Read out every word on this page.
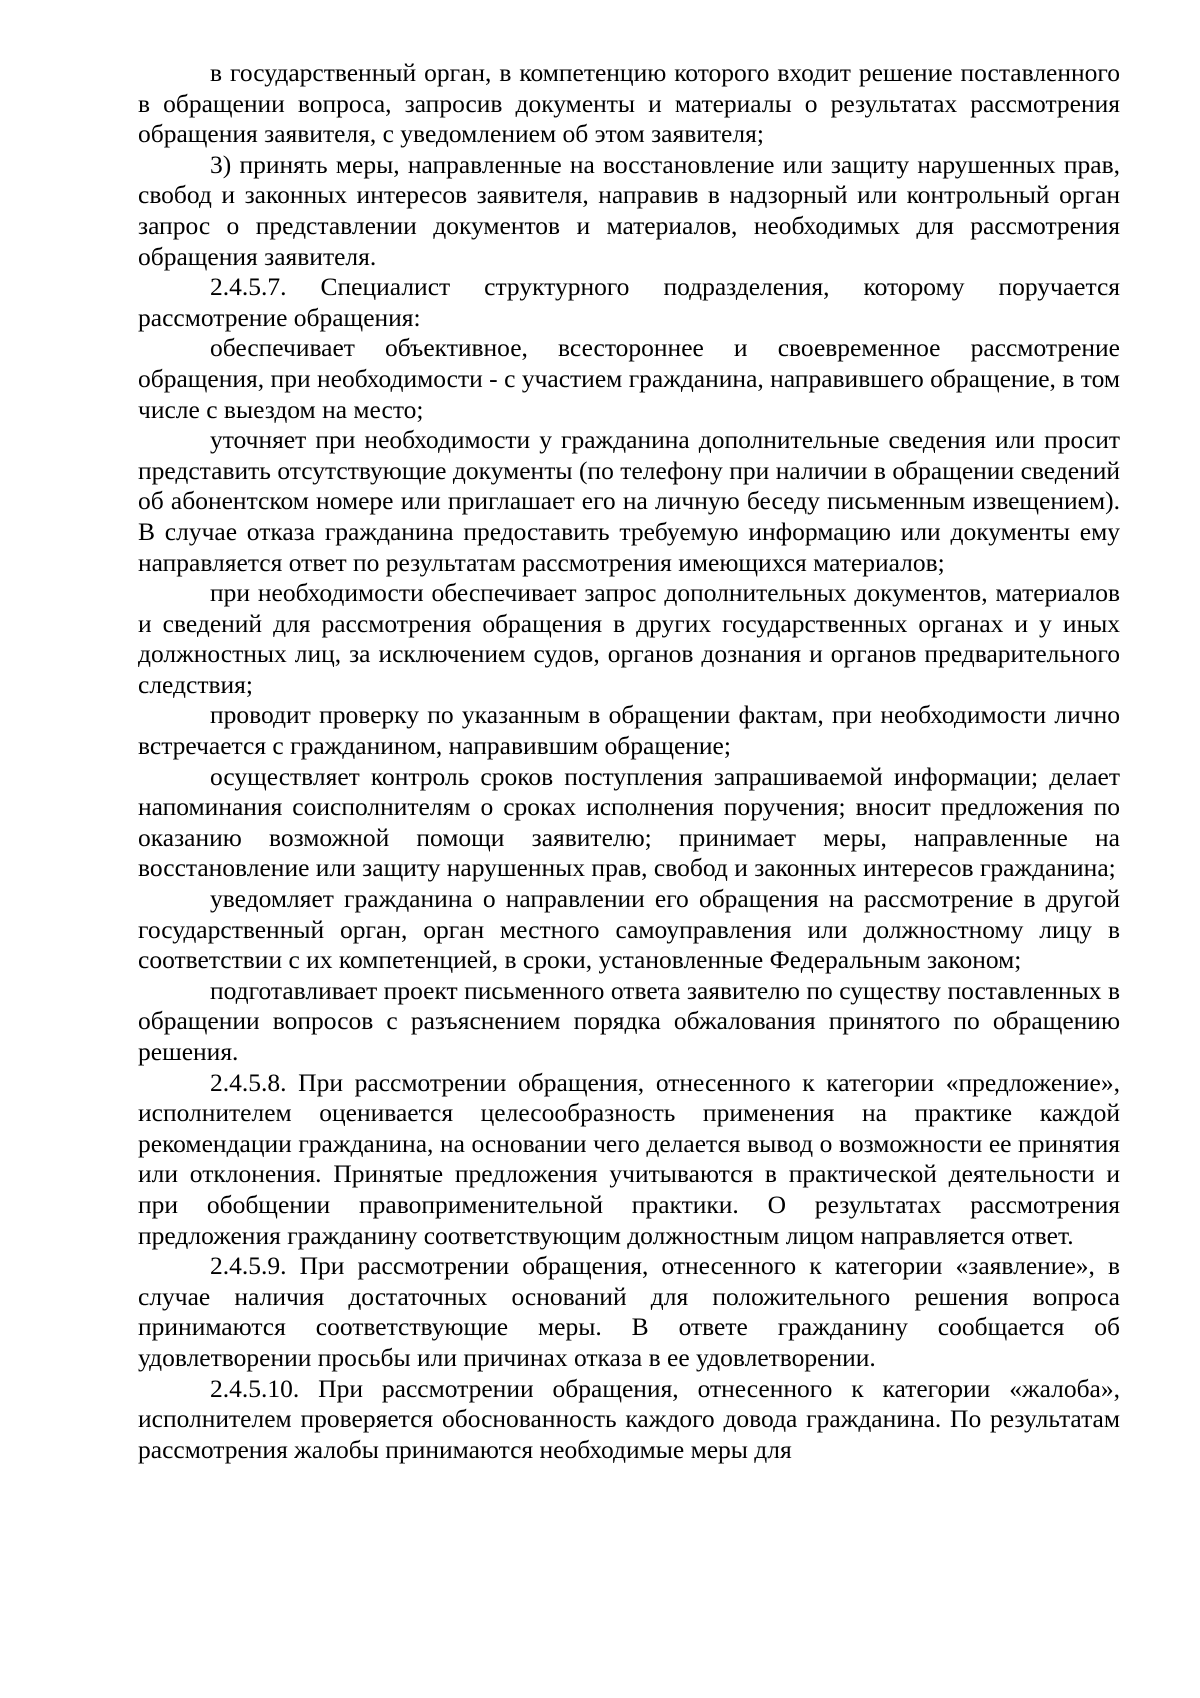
в государственный орган, в компетенцию которого входит решение поставленного в обращении вопроса, запросив документы и материалы о результатах рассмотрения обращения заявителя, с уведомлением об этом заявителя;

3) принять меры, направленные на восстановление или защиту нарушенных прав, свобод и законных интересов заявителя, направив в надзорный или контрольный орган запрос о представлении документов и материалов, необходимых для рассмотрения обращения заявителя.

2.4.5.7. Специалист структурного подразделения, которому поручается рассмотрение обращения:

обеспечивает объективное, всестороннее и своевременное рассмотрение обращения, при необходимости - с участием гражданина, направившего обращение, в том числе с выездом на место;

уточняет при необходимости у гражданина дополнительные сведения или просит представить отсутствующие документы (по телефону при наличии в обращении сведений об абонентском номере или приглашает его на личную беседу письменным извещением). В случае отказа гражданина предоставить требуемую информацию или документы ему направляется ответ по результатам рассмотрения имеющихся материалов;

при необходимости обеспечивает запрос дополнительных документов, материалов и сведений для рассмотрения обращения в других государственных органах и у иных должностных лиц, за исключением судов, органов дознания и органов предварительного следствия;

проводит проверку по указанным в обращении фактам, при необходимости лично встречается с гражданином, направившим обращение;

осуществляет контроль сроков поступления запрашиваемой информации; делает напоминания соисполнителям о сроках исполнения поручения; вносит предложения по оказанию возможной помощи заявителю; принимает меры, направленные на восстановление или защиту нарушенных прав, свобод и законных интересов гражданина;

уведомляет гражданина о направлении его обращения на рассмотрение в другой государственный орган, орган местного самоуправления или должностному лицу в соответствии с их компетенцией, в сроки, установленные Федеральным законом;

подготавливает проект письменного ответа заявителю по существу поставленных в обращении вопросов с разъяснением порядка обжалования принятого по обращению решения.

2.4.5.8. При рассмотрении обращения, отнесенного к категории «предложение», исполнителем оценивается целесообразность применения на практике каждой рекомендации гражданина, на основании чего делается вывод о возможности ее принятия или отклонения. Принятые предложения учитываются в практической деятельности и при обобщении правоприменительной практики. О результатах рассмотрения предложения гражданину соответствующим должностным лицом направляется ответ.

2.4.5.9. При рассмотрении обращения, отнесенного к категории «заявление», в случае наличия достаточных оснований для положительного решения вопроса принимаются соответствующие меры. В ответе гражданину сообщается об удовлетворении просьбы или причинах отказа в ее удовлетворении.

2.4.5.10. При рассмотрении обращения, отнесенного к категории «жалоба», исполнителем проверяется обоснованность каждого довода гражданина. По результатам рассмотрения жалобы принимаются необходимые меры для
